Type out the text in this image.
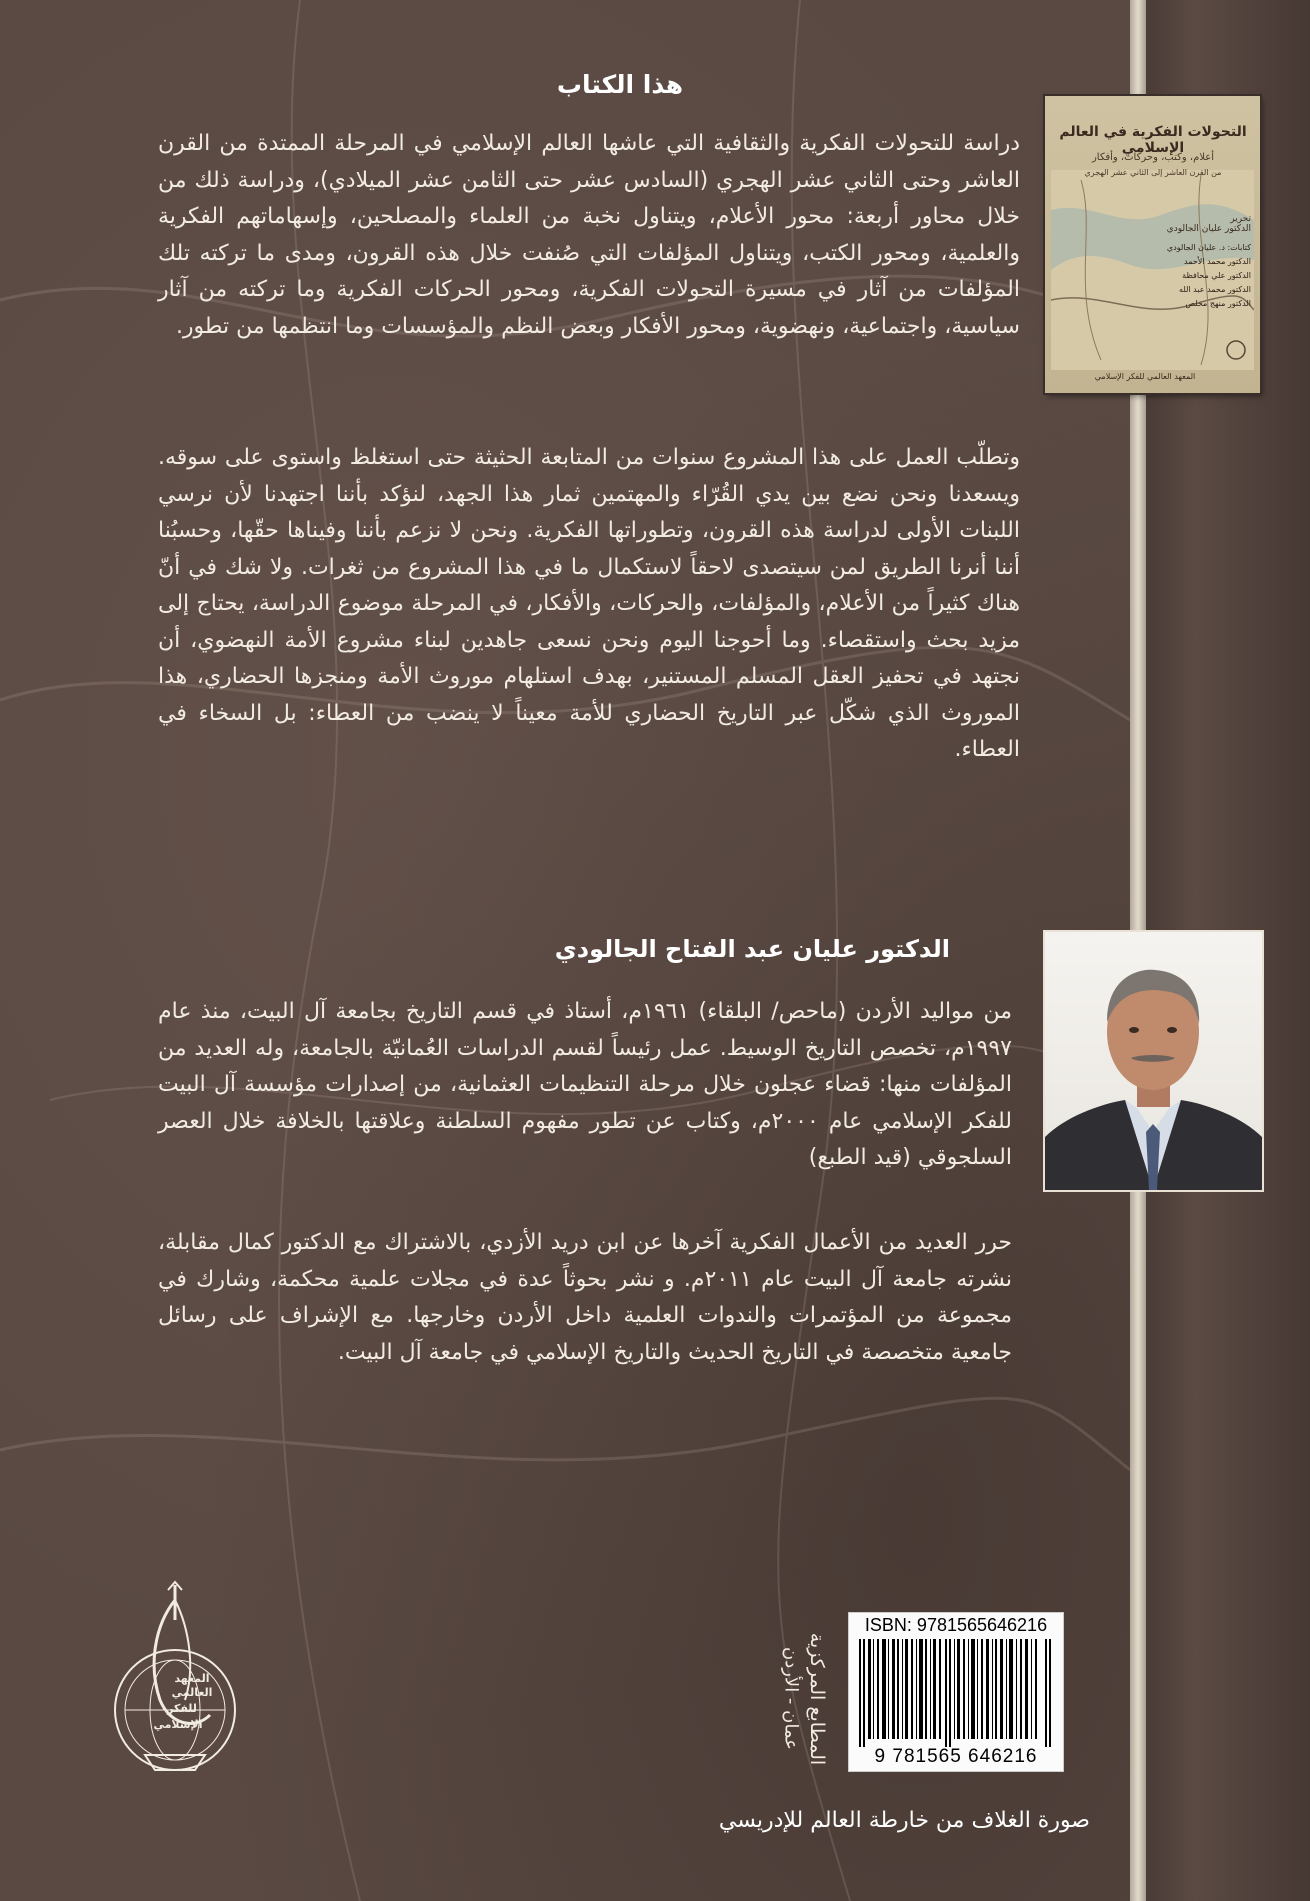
هذا الكتاب
دراسة للتحولات الفكرية والثقافية التي عاشها العالم الإسلامي في المرحلة الممتدة من القرن العاشر وحتى الثاني عشر الهجري (السادس عشر حتى الثامن عشر الميلادي)، ودراسة ذلك من خلال محاور أربعة: محور الأعلام، ويتناول نخبة من العلماء والمصلحين، وإسهاماتهم الفكرية والعلمية، ومحور الكتب، ويتناول المؤلفات التي صُنفت خلال هذه القرون، ومدى ما تركته تلك المؤلفات من آثار في مسيرة التحولات الفكرية، ومحور الحركات الفكرية وما تركته من آثار سياسية، واجتماعية، ونهضوية، ومحور الأفكار وبعض النظم والمؤسسات وما انتظمها من تطور.
وتطلّب العمل على هذا المشروع سنوات من المتابعة الحثيثة حتى استغلظ واستوى على سوقه. ويسعدنا ونحن نضع بين يدي القُرّاء والمهتمين ثمار هذا الجهد، لنؤكد بأننا اجتهدنا لأن نرسي اللبنات الأولى لدراسة هذه القرون، وتطوراتها الفكرية. ونحن لا نزعم بأننا وفيناها حقّها، وحسبُنا أننا أنرنا الطريق لمن سيتصدى لاحقاً لاستكمال ما في هذا المشروع من ثغرات. ولا شك في أنّ هناك كثيراً من الأعلام، والمؤلفات، والحركات، والأفكار، في المرحلة موضوع الدراسة، يحتاج إلى مزيد بحث واستقصاء. وما أحوجنا اليوم ونحن نسعى جاهدين لبناء مشروع الأمة النهضوي، أن نجتهد في تحفيز العقل المسلم المستنير، بهدف استلهام موروث الأمة ومنجزها الحضاري، هذا الموروث الذي شكّل عبر التاريخ الحضاري للأمة معيناً لا ينضب من العطاء: بل السخاء في العطاء.
التحولات الفكرية في العالم الإسلامي
أعلام، وكتب، وحركات، وأفكار
من القرن العاشر إلى الثاني عشر الهجري
تحرير
الدكتور عليان الجالودي
كتابات: د. عليان الجالودي
الدكتور محمد الأحمد
الدكتور علي محافظة
الدكتور محمد عبد الله
الدكتور منهج مخلص
المعهد العالمي للفكر الإسلامي
الدكتور عليان عبد الفتاح الجالودي
من مواليد الأردن (ماحص/ البلقاء) ١٩٦١م، أستاذ في قسم التاريخ بجامعة آل البيت، منذ عام ١٩٩٧م، تخصص التاريخ الوسيط. عمل رئيساً لقسم الدراسات العُمانيّة بالجامعة، وله العديد من المؤلفات منها: قضاء عجلون خلال مرحلة التنظيمات العثمانية، من إصدارات مؤسسة آل البيت للفكر الإسلامي عام ٢٠٠٠م، وكتاب عن تطور مفهوم السلطنة وعلاقتها بالخلافة خلال العصر السلجوقي (قيد الطبع)
حرر العديد من الأعمال الفكرية آخرها عن ابن دريد الأزدي، بالاشتراك مع الدكتور كمال مقابلة، نشرته جامعة آل البيت عام ٢٠١١م. و نشر بحوثاً عدة في مجلات علمية محكمة، وشارك في مجموعة من المؤتمرات والندوات العلمية داخل الأردن وخارجها. مع الإشراف على رسائل جامعية متخصصة في التاريخ الحديث والتاريخ الإسلامي في جامعة آل البيت.
ISBN: 9781565646216
9 781565 646216
المطابع المركزية
عمان - الأردن
المعهد
العالمي
للفكر
الإسلامي
صورة الغلاف من خارطة العالم للإدريسي
